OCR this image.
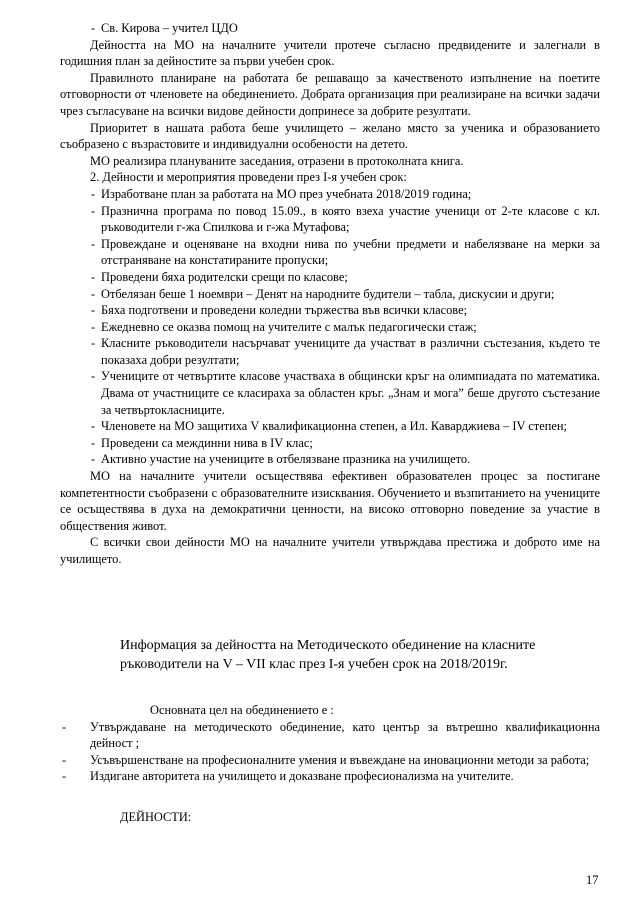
- Св. Кирова – учител ЦДО

Дейността на МО на началните учители протече съгласно предвидените и залегнали в годишния план за дейностите за първи учебен срок.

Правилното планиране на работата бе решаващо за качественото изпълнение на поетите отговорности от членовете на обединението. Добрата организация при реализиране на всички задачи чрез съгласуване на всички видове дейности допринесе за добрите резултати.

Приоритет в нашата работа беше училището – желано място за ученика и образованието съобразено с възрастовите и индивидуални особености на детето.

МО реализира плануваните заседания, отразени в протоколната книга.

2. Дейности и мероприятия проведени през I-я учебен срок:

- Изработване план за работата на МО през учебната 2018/2019 година;
- Празнична програма по повод 15.09., в която взеха участие ученици от 2-те класове с кл. ръководители г-жа Спилкова и г-жа Мутафова;
- Провеждане и оценяване на входни нива по учебни предмети и набелязване на мерки за отстраняване на констатираните пропуски;
- Проведени бяха родителски срещи по класове;
- Отбелязан беше 1 ноември – Денят на народните будители – табла, дискусии и други;
- Бяха подготвени и проведени коледни тържества във всички класове;
- Ежедневно се оказва помощ на учителите с малък педагогически стаж;
- Класните ръководители насърчават учениците да участват в различни състезания, където те показаха добри резултати;
- Учениците от четвъртите класове участваха в общински кръг на олимпиадата по математика. Двама от участниците се класираха за областен кръг. „Знам и мога” беше другото състезание за четвъртокласниците.
- Членовете на МО защитиха V квалификационна степен, а Ил. Каварджиева – IV степен;
- Проведени са междинни нива в IV клас;
- Активно участие на учениците в отбелязване празника на училището.

МО на началните учители осъществява ефективен образователен процес за постигане компетентности съобразени с образователните изисквания. Обучението и възпитанието на учениците се осъществява в духа на демократични ценности, на високо отговорно поведение за участие в обществения живот.

С всички свои дейности МО на началните учители утвърждава престижа и доброто име на училището.

Информация за дейността на Методическото обединение на класните ръководители на V – VII клас през I-я учебен срок на 2018/2019г.

Основната цел на обединението е :

- Утвърждаване на методическото обединение, като център за вътрешно квалификационна дейност ;
- Усъвършенстване на професионалните умения и въвеждане на иновационни методи за работа;
- Издигане авторитета на училището и доказване професионализма на учителите.
ДЕЙНОСТИ:
17
